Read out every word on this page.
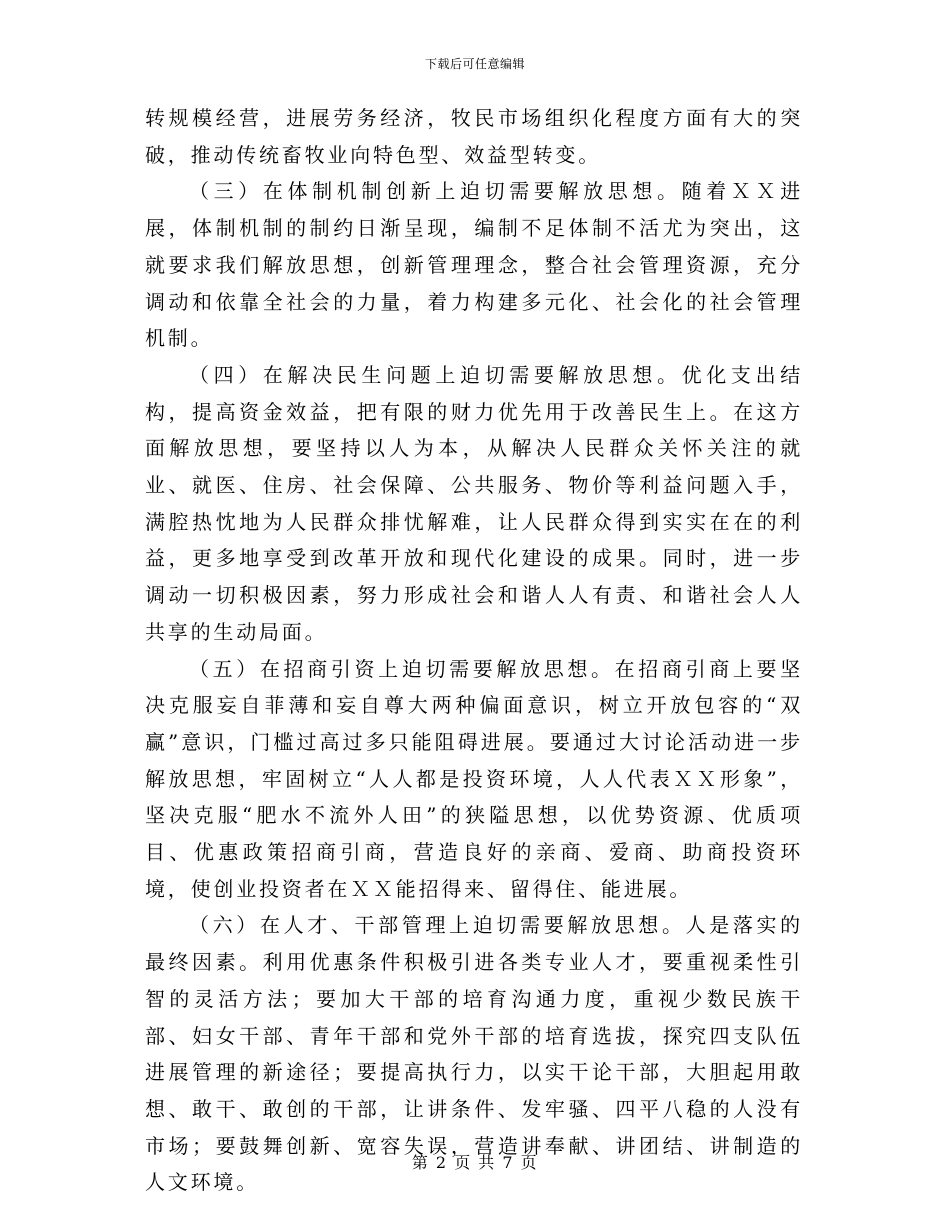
下载后可任意编辑

转规模经营，进展劳务经济，牧民市场组织化程度方面有大的突破，推动传统畜牧业向特色型、效益型转变。

（三）在体制机制创新上迫切需要解放思想。随着ＸＸ进展，体制机制的制约日渐呈现，编制不足体制不活尤为突出，这就要求我们解放思想，创新管理理念，整合社会管理资源，充分调动和依靠全社会的力量，着力构建多元化、社会化的社会管理机制。

（四）在解决民生问题上迫切需要解放思想。优化支出结构，提高资金效益，把有限的财力优先用于改善民生上。在这方面解放思想，要坚持以人为本，从解决人民群众关怀关注的就业、就医、住房、社会保障、公共服务、物价等利益问题入手，满腔热忱地为人民群众排忧解难，让人民群众得到实实在在的利益，更多地享受到改革开放和现代化建设的成果。同时，进一步调动一切积极因素，努力形成社会和谐人人有责、和谐社会人人共享的生动局面。

（五）在招商引资上迫切需要解放思想。在招商引商上要坚决克服妄自菲薄和妄自尊大两种偏面意识，树立开放包容的“双赢”意识，门槛过高过多只能阻碍进展。要通过大讨论活动进一步解放思想，牢固树立“人人都是投资环境，人人代表ＸＸ形象”，坚决克服“肥水不流外人田”的狭隘思想，以优势资源、优质项目、优惠政策招商引商，营造良好的亲商、爱商、助商投资环境，使创业投资者在ＸＸ能招得来、留得住、能进展。

（六）在人才、干部管理上迫切需要解放思想。人是落实的最终因素。利用优惠条件积极引进各类专业人才，要重视柔性引智的灵活方法；要加大干部的培育沟通力度，重视少数民族干部、妇女干部、青年干部和党外干部的培育选拔，探究四支队伍进展管理的新途径；要提高执行力，以实干论干部，大胆起用敢想、敢干、敢创的干部，让讲条件、发牢骚、四平八稳的人没有市场；要鼓舞创新、宽容失误，营造讲奉献、讲团结、讲制造的人文环境。

第 2 页 共 7 页
